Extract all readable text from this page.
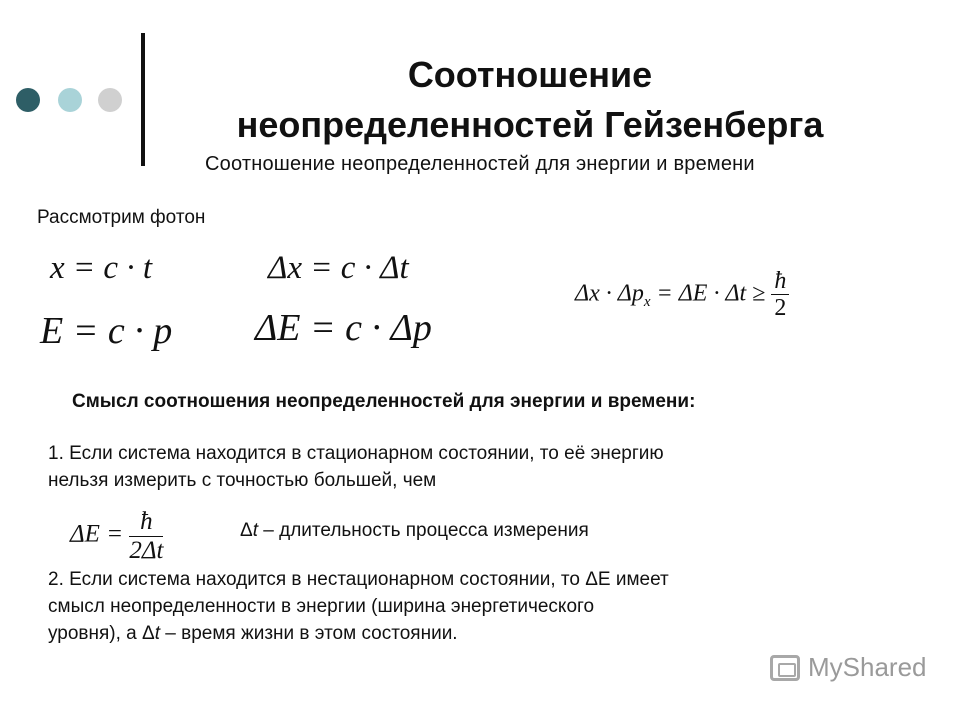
Соотношение
неопределенностей Гейзенберга
Соотношение неопределенностей для энергии и времени
Рассмотрим фотон
x = c · t	Δx = c · Δt
E = c · p ΔE = c · Δp
$\Delta x \cdot \Delta p_x = \Delta E \cdot \Delta t \ge \frac{ħ}{2}$
Смысл соотношения неопределенностей для энергии и времени:
1. Если система находится в стационарном состоянии, то её энергию
нельзя измерить с точностью большей, чем
$\Delta E = \frac{ħ}{2\Delta t}$	Δt – длительность процесса измерения
2. Если система находится в нестационарном состоянии, то ΔЕ имеет
смысл неопределенности в энергии (ширина энергетического
уровня), а Δt – время жизни в этом состоянии.
MyShared
